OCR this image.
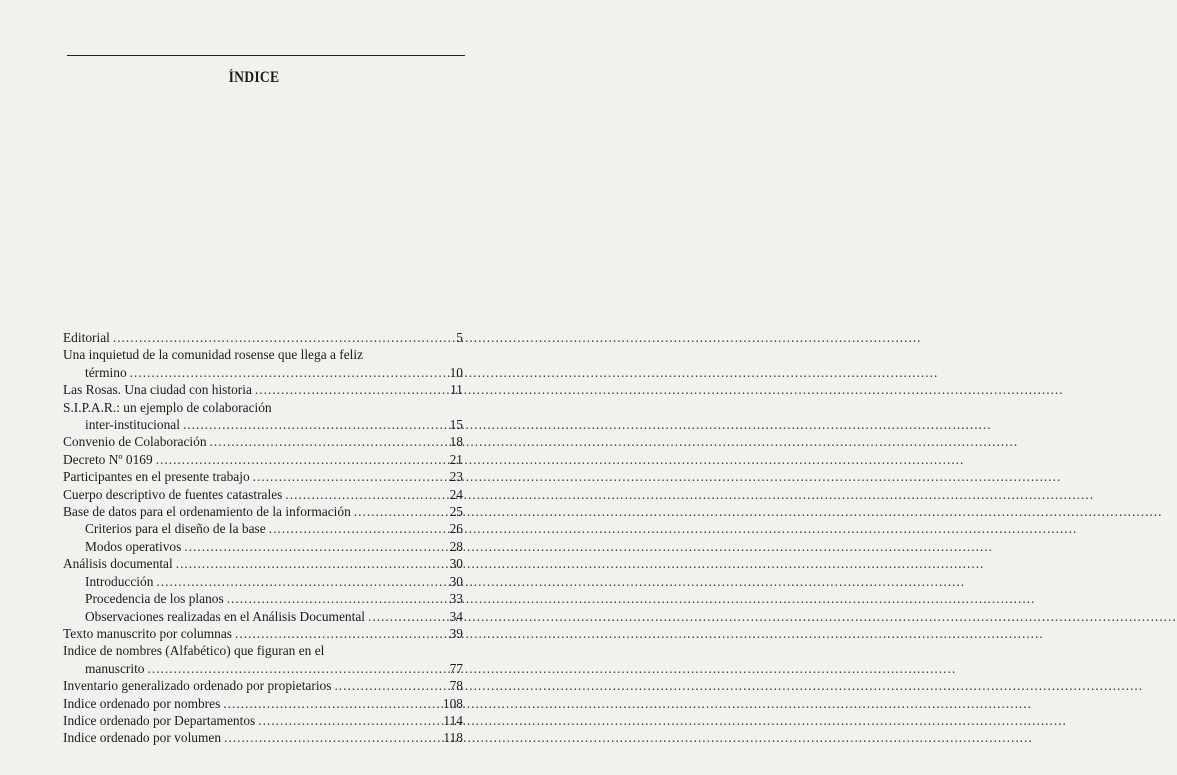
ÍNDICE
Editorial .....	5
Una inquietud de la comunidad rosense que llega a feliz
término .....	10
Las Rosas. Una ciudad con historia .....	11
S.I.P.A.R.: un ejemplo de colaboración
inter-institucional .....	15
Convenio de Colaboración .....	18
Decreto Nº 0169 .....	21
Participantes en el presente trabajo .....	23
Cuerpo descriptivo de fuentes catastrales .....	24
Base de datos para el ordenamiento de la información .....	25
Criterios para el diseño de la base .....	26
Modos operativos .....	28
Análisis documental .....	30
Introducción .....	30
Procedencia de los planos .....	33
Observaciones realizadas en el Análisis Documental .....	34
Texto manuscrito por columnas .....	39
Indice de nombres (Alfabético) que figuran en el
manuscrito .....	77
Inventario generalizado ordenado por propietarios .....	78
Indice ordenado por nombres .....	108
Indice ordenado por Departamentos .....	114
Indice ordenado por volumen .....	118
